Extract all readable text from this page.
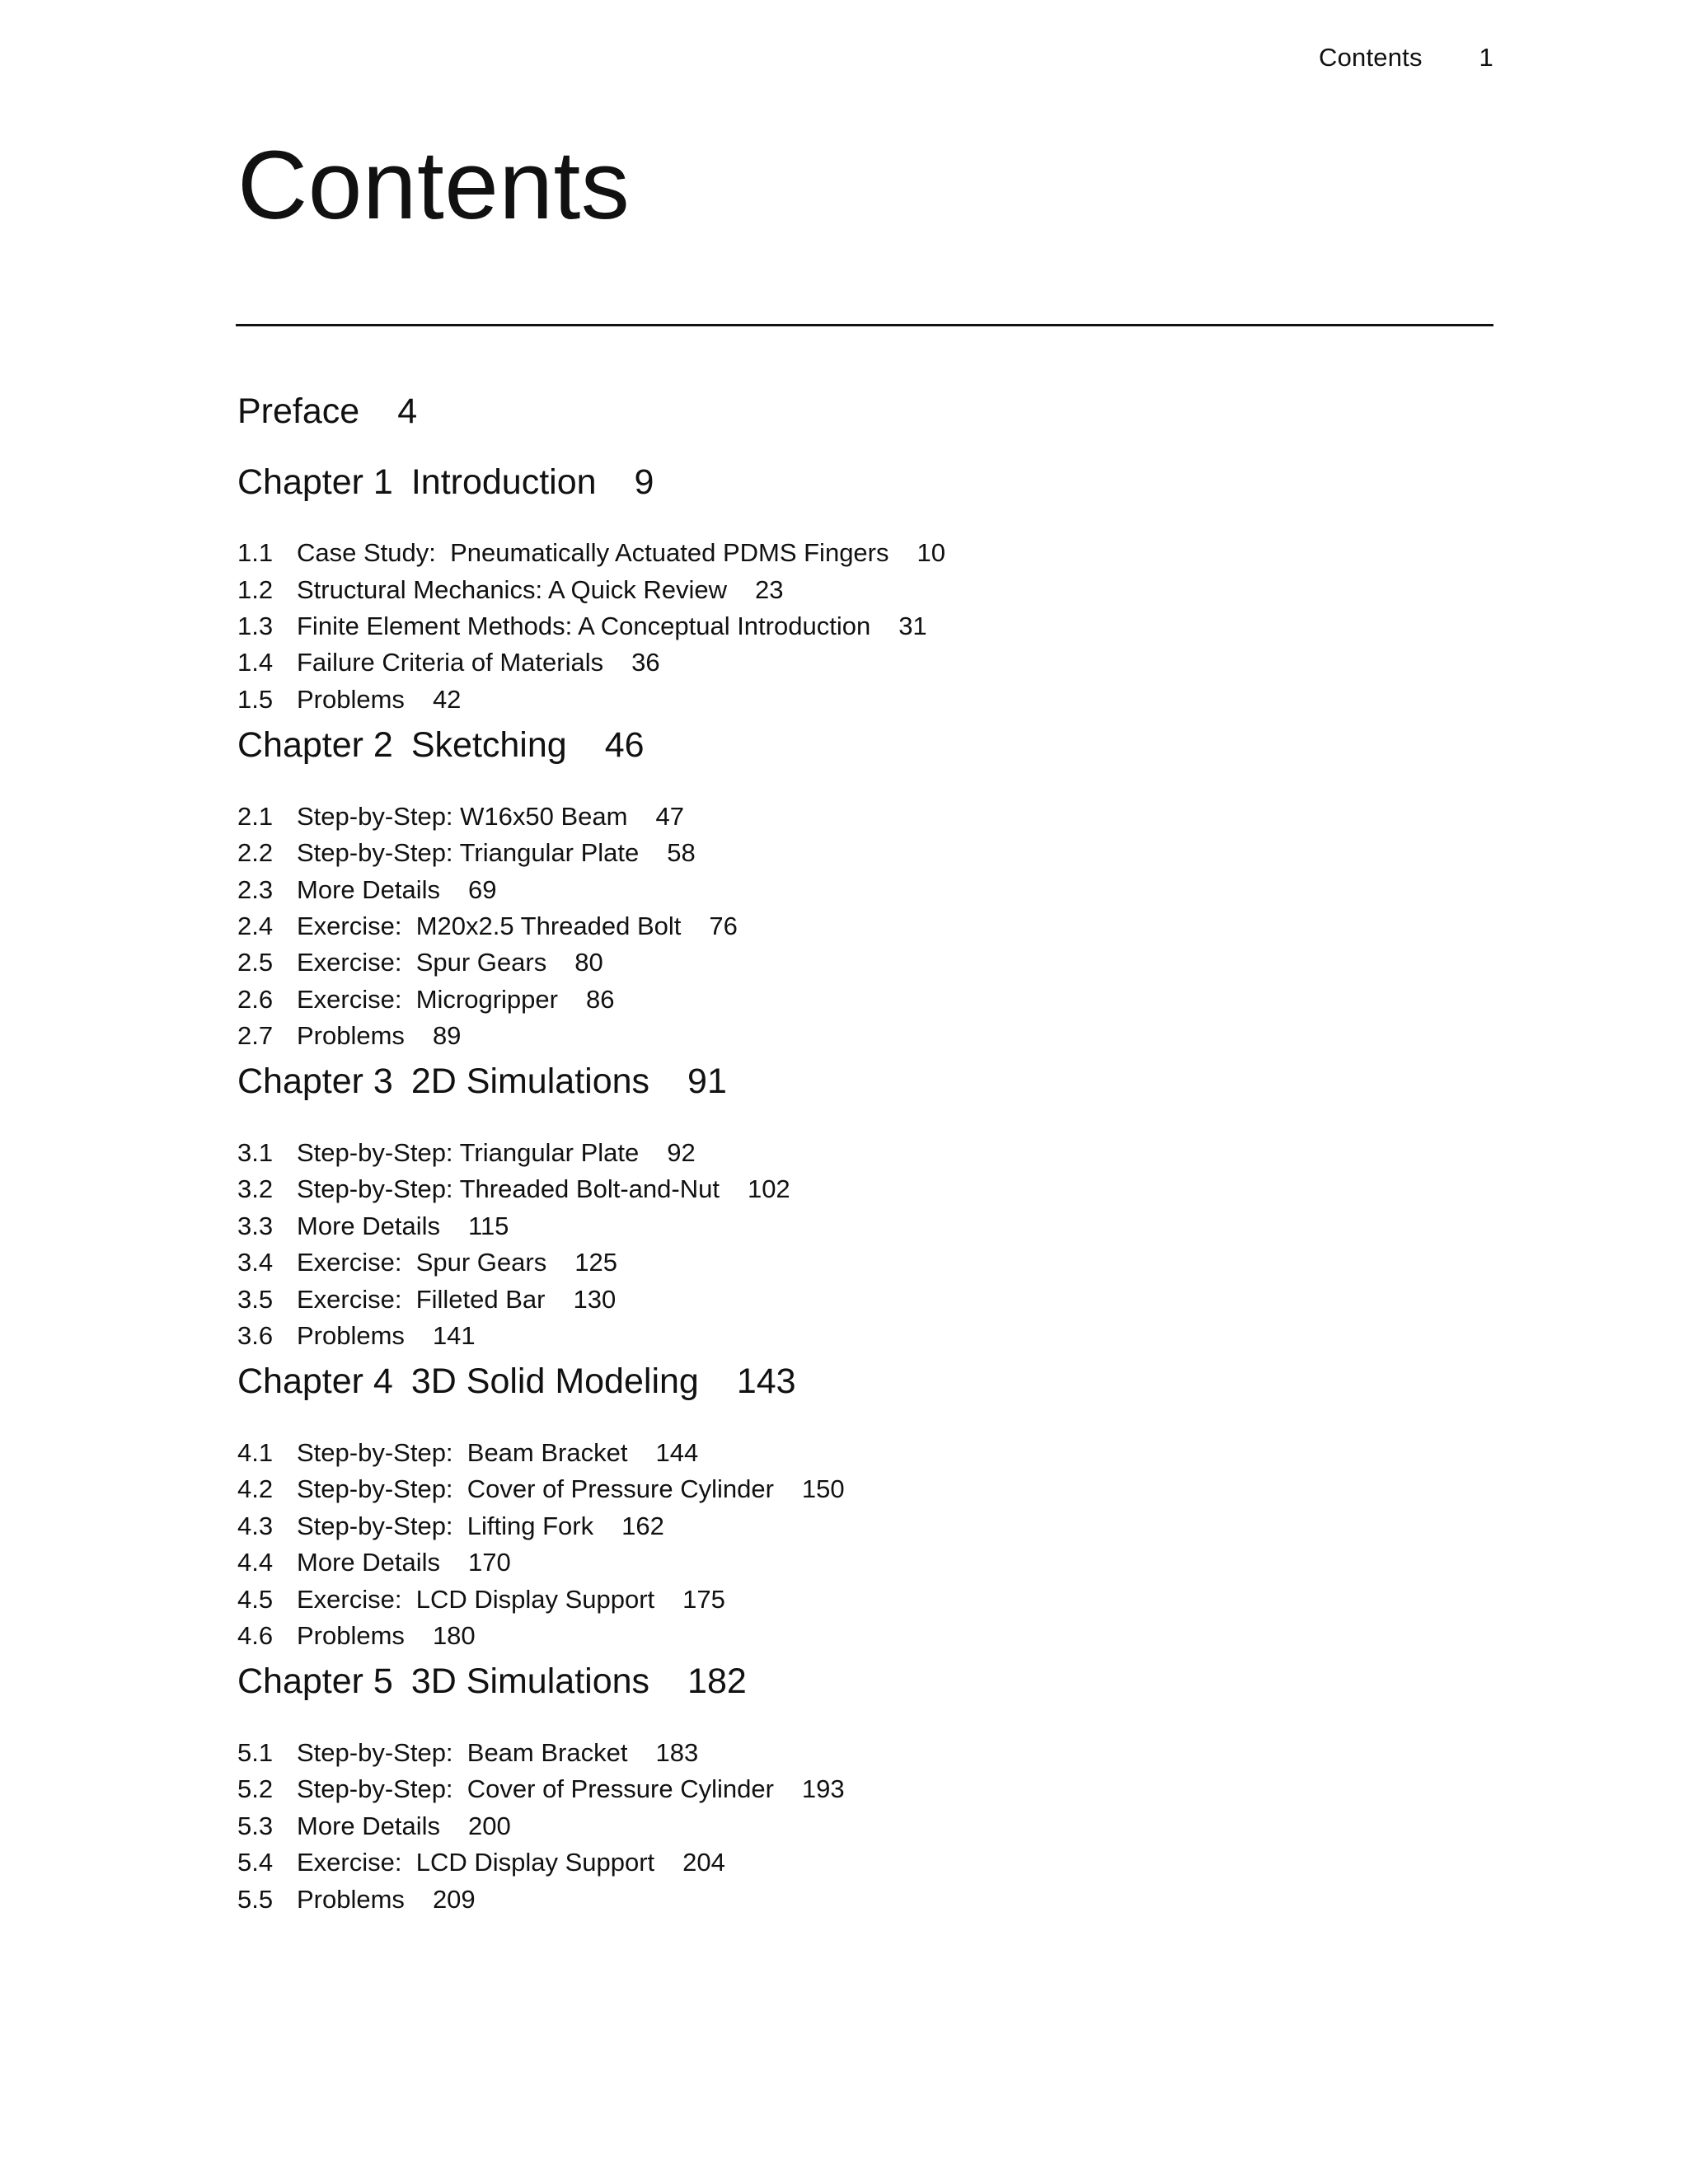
Contents 1
Contents
Preface 4
Chapter 1 Introduction 9
1.1 Case Study:  Pneumatically Actuated PDMS Fingers 10
1.2 Structural Mechanics: A Quick Review 23
1.3 Finite Element Methods: A Conceptual Introduction 31
1.4 Failure Criteria of Materials 36
1.5 Problems 42
Chapter 2 Sketching 46
2.1 Step-by-Step: W16x50 Beam 47
2.2 Step-by-Step: Triangular Plate 58
2.3 More Details 69
2.4 Exercise:  M20x2.5 Threaded Bolt 76
2.5 Exercise:  Spur Gears 80
2.6 Exercise:  Microgripper 86
2.7 Problems 89
Chapter 3 2D Simulations 91
3.1 Step-by-Step: Triangular Plate 92
3.2 Step-by-Step: Threaded Bolt-and-Nut 102
3.3 More Details 115
3.4 Exercise:  Spur Gears 125
3.5 Exercise:  Filleted Bar 130
3.6 Problems 141
Chapter 4 3D Solid Modeling 143
4.1 Step-by-Step:  Beam Bracket 144
4.2 Step-by-Step:  Cover of Pressure Cylinder 150
4.3 Step-by-Step:  Lifting Fork 162
4.4 More Details 170
4.5 Exercise:  LCD Display Support 175
4.6 Problems 180
Chapter 5 3D Simulations 182
5.1 Step-by-Step:  Beam Bracket 183
5.2 Step-by-Step:  Cover of Pressure Cylinder 193
5.3 More Details 200
5.4 Exercise:  LCD Display Support 204
5.5 Problems 209
